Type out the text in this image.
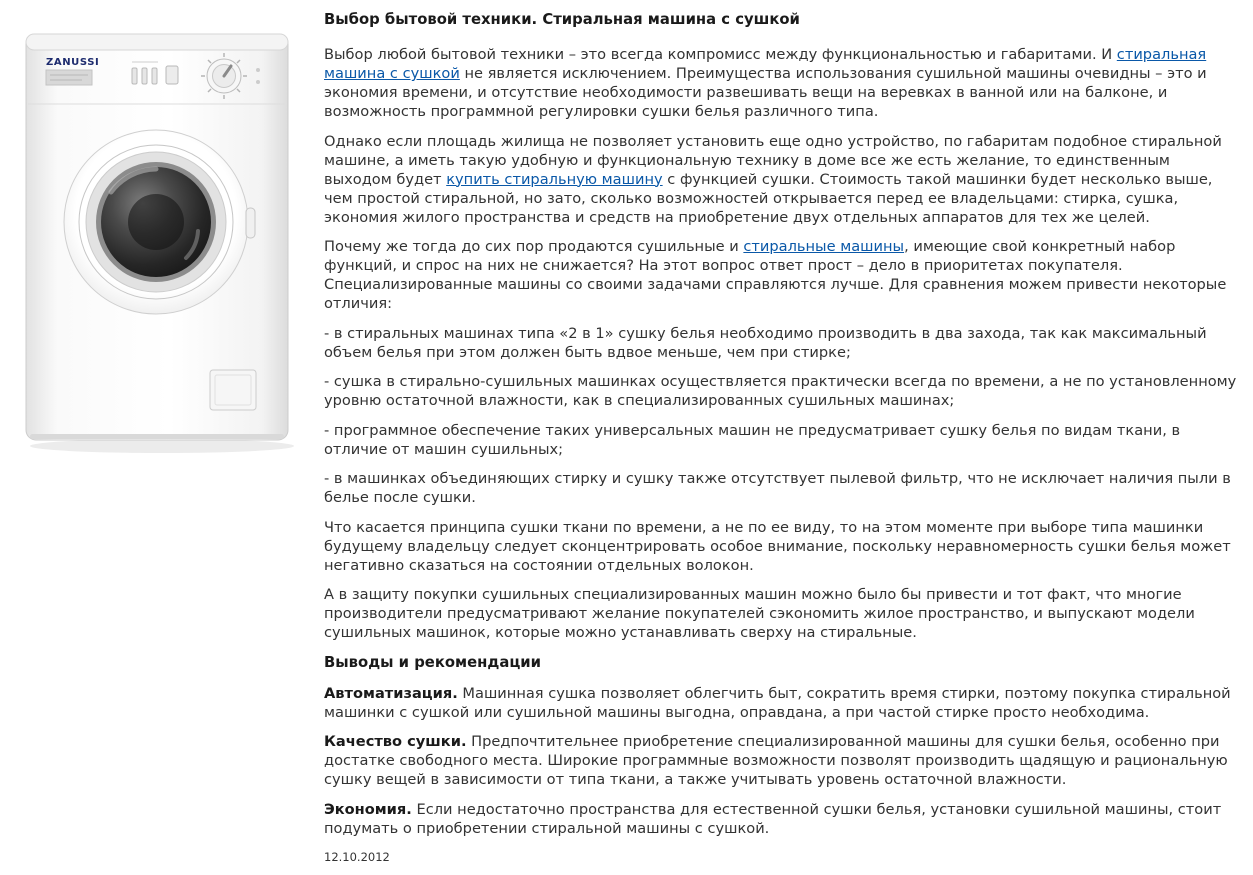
ZANUSSI
Выбор бытовой техники. Стиральная машина с сушкой

Выбор любой бытовой техники – это всегда компромисс между функциональностью и габаритами. И стиральная машина с сушкой не является исключением. Преимущества использования сушильной машины очевидны – это и экономия времени, и отсутствие необходимости развешивать вещи на веревках в ванной или на балконе, и возможность программной регулировки сушки белья различного типа.

Однако если площадь жилища не позволяет установить еще одно устройство, по габаритам подобное стиральной машине, а иметь такую удобную и функциональную технику в доме все же есть желание, то единственным выходом будет купить стиральную машину с функцией сушки. Стоимость такой машинки будет несколько выше, чем простой стиральной, но зато, сколько возможностей открывается перед ее владельцами: стирка, сушка, экономия жилого пространства и средств на приобретение двух отдельных аппаратов для тех же целей.

Почему же тогда до сих пор продаются сушильные и стиральные машины, имеющие свой конкретный набор функций, и спрос на них не снижается? На этот вопрос ответ прост – дело в приоритетах покупателя. Специализированные машины со своими задачами справляются лучше. Для сравнения можем привести некоторые отличия:

- в стиральных машинах типа «2 в 1» сушку белья необходимо производить в два захода, так как максимальный объем белья при этом должен быть вдвое меньше, чем при стирке;

- сушка в стирально-сушильных машинках осуществляется практически всегда по времени, а не по установленному уровню остаточной влажности, как в специализированных сушильных машинах;

- программное обеспечение таких универсальных машин не предусматривает сушку белья по видам ткани, в отличие от машин сушильных;

- в машинках объединяющих стирку и сушку также отсутствует пылевой фильтр, что не исключает наличия пыли в белье после сушки.

Что касается принципа сушки ткани по времени, а не по ее виду, то на этом моменте при выборе типа машинки будущему владельцу следует сконцентрировать особое внимание, поскольку неравномерность сушки белья может негативно сказаться на состоянии отдельных волокон.

А в защиту покупки сушильных специализированных машин можно было бы привести и тот факт, что многие производители предусматривают желание покупателей сэкономить жилое пространство, и выпускают модели сушильных машинок, которые можно устанавливать сверху на стиральные.

Выводы и рекомендации

Автоматизация. Машинная сушка позволяет облегчить быт, сократить время стирки, поэтому покупка стиральной машинки с сушкой или сушильной машины выгодна, оправдана, а при частой стирке просто необходима.

Качество сушки. Предпочтительнее приобретение специализированной машины для сушки белья, особенно при достатке свободного места. Широкие программные возможности позволят производить щадящую и рациональную сушку вещей в зависимости от типа ткани, а также учитывать уровень остаточной влажности.

Экономия. Если недостаточно пространства для естественной сушки белья, установки сушильной машины, стоит подумать о приобретении стиральной машины с сушкой.

12.10.2012
